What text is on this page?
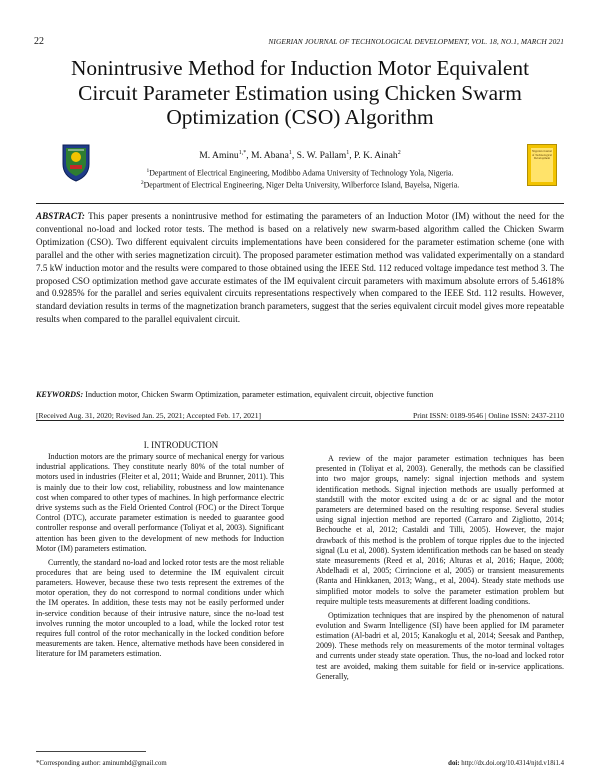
22	NIGERIAN JOURNAL OF TECHNOLOGICAL DEVELOPMENT, VOL. 18, NO.1, MARCH 2021
Nonintrusive Method for Induction Motor Equivalent Circuit Parameter Estimation using Chicken Swarm Optimization (CSO) Algorithm
Nigerian Journal of Technological Development
M. Aminu$^{1,*}$, M. Abana$^1$, S. W. Pallam$^1$, P. K. Ainah$^2$
$^1$Department of Electrical Engineering, Modibbo Adama University of Technology Yola, Nigeria.
$^2$Department of Electrical Engineering, Niger Delta University, Wilberforce Island, Bayelsa, Nigeria.
ABSTRACT: This paper presents a nonintrusive method for estimating the parameters of an Induction Motor (IM) without the need for the conventional no-load and locked rotor tests. The method is based on a relatively new swarm-based algorithm called the Chicken Swarm Optimization (CSO). Two different equivalent circuits implementations have been considered for the parameter estimation scheme (one with parallel and the other with series magnetization circuit). The proposed parameter estimation method was validated experimentally on a standard 7.5 kW induction motor and the results were compared to those obtained using the IEEE Std. 112 reduced voltage impedance test method 3. The proposed CSO optimization method gave accurate estimates of the IM equivalent circuit parameters with maximum absolute errors of 5.4618% and 0.9285% for the parallel and series equivalent circuits representations respectively when compared to the IEEE Std. 112 results. However, standard deviation results in terms of the magnetization branch parameters, suggest that the series equivalent circuit model gives more repeatable results when compared to the parallel equivalent circuit.
KEYWORDS: Induction motor, Chicken Swarm Optimization, parameter estimation, equivalent circuit, objective function
[Received Aug. 31, 2020; Revised Jan. 25, 2021; Accepted Feb. 17, 2021]	Print ISSN: 0189-9546 | Online ISSN: 2437-2110
I. INTRODUCTION

Induction motors are the primary source of mechanical energy for various industrial applications. They constitute nearly 80% of the total number of motors used in industries (Fleiter et al, 2011; Waide and Brunner, 2011). This is mainly due to their low cost, reliability, robustness and low maintenance cost when compared to other types of machines. In high performance electric drive systems such as the Field Oriented Control (FOC) or the Direct Torque Control (DTC), accurate parameter estimation is needed to guarantee good controller response and overall performance (Toliyat et al, 2003). Significant attention has been given to the development of new methods for Induction Motor (IM) parameters estimation.

Currently, the standard no-load and locked rotor tests are the most reliable procedures that are being used to determine the IM equivalent circuit parameters. However, because these two tests represent the extremes of the motor operation, they do not correspond to normal conditions under which the IM operates. In addition, these tests may not be easily performed under in-service condition because of their intrusive nature, since the no-load test involves running the motor uncoupled to a load, while the locked rotor test requires full control of the rotor mechanically in the locked condition before measurements are taken. Hence, alternative methods have been considered in literature for IM parameters estimation.

A review of the major parameter estimation techniques has been presented in (Toliyat et al, 2003). Generally, the methods can be classified into two major groups, namely: signal injection methods and system identification methods. Signal injection methods are usually performed at standstill with the motor excited using a dc or ac signal and the motor parameters are determined based on the resulting response. Several studies using signal injection method are reported (Carraro and Zigliotto, 2014; Bechouche et al, 2012; Castaldi and Tilli, 2005). However, the major drawback of this method is the problem of torque ripples due to the injected signal (Lu et al, 2008). System identification methods can be based on steady state measurements (Reed et al, 2016; Alturas et al, 2016; Haque, 2008; Abdelhadi et al, 2005; Cirrincione et al, 2005) or transient measurements (Ranta and Hinkkanen, 2013; Wang., et al, 2004). Steady state methods use simplified motor models to solve the parameter estimation problem but require multiple tests measurements at different loading conditions.

Optimization techniques that are inspired by the phenomenon of natural evolution and Swarm Intelligence (SI) have been applied for IM parameter estimation (Al-badri et al, 2015; Kanakoglu et al, 2014; Seesak and Panthep, 2009). These methods rely on measurements of the motor terminal voltages and currents under steady state operation. Thus, the no-load and locked rotor test are avoided, making them suitable for field or in-service applications. Generally,

*Corresponding author: aminumhd@gmail.com	doi: http://dx.doi.org/10.4314/njtd.v18i1.4
